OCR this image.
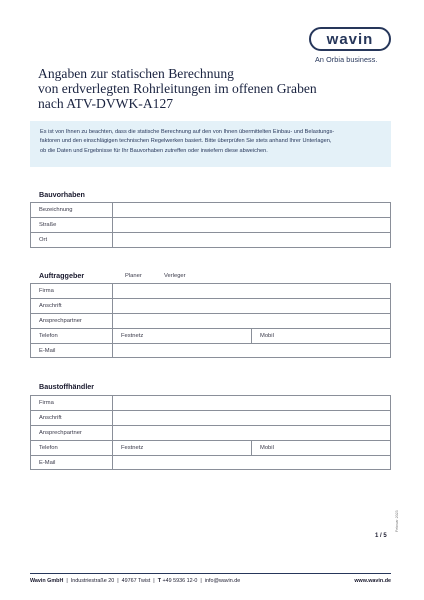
wavin
An Orbia business.
Angaben zur statischen Berechnung
von erdverlegten Rohrleitungen im offenen Graben
nach ATV-DVWK-A127
Es ist von Ihnen zu beachten, dass die statische Berechnung auf den von Ihnen übermittelten Einbau- und Belastungs-
faktoren und den einschlägigen technischen Regelwerken basiert. Bitte überprüfen Sie stets anhand Ihrer Unterlagen,
ob die Daten und Ergebnisse für Ihr Bauvorhaben zutreffen oder inwiefern diese abweichen.
Bauvorhaben
Bezeichnung	
Straße	
Ort	
Auftraggeber	Planer	Verleger
Firma		
Anschrift		
Ansprechpartner		
Telefon	Festnetz	Mobil
E-Mail		
Baustoffhändler
Firma		
Anschrift		
Ansprechpartner		
Telefon	Festnetz	Mobil
E-Mail		
1 / 5
Februar 2023
Wavin GmbH | Industriestraße 20 | 49767 Twist | T +49 5936 12-0 | info@wavin.de	www.wavin.de
